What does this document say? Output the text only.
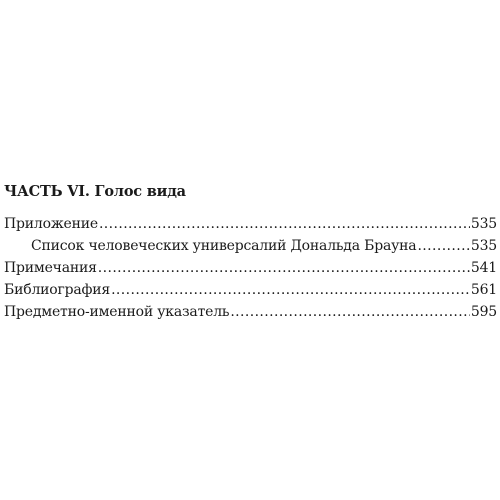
ЧАСТЬ VI. Голос вида
Приложение .....	535
Список человеческих универсалий Дональда Брауна .....	535
Примечания .....	541
Библиография .....	561
Предметно-именной указатель .....	595
